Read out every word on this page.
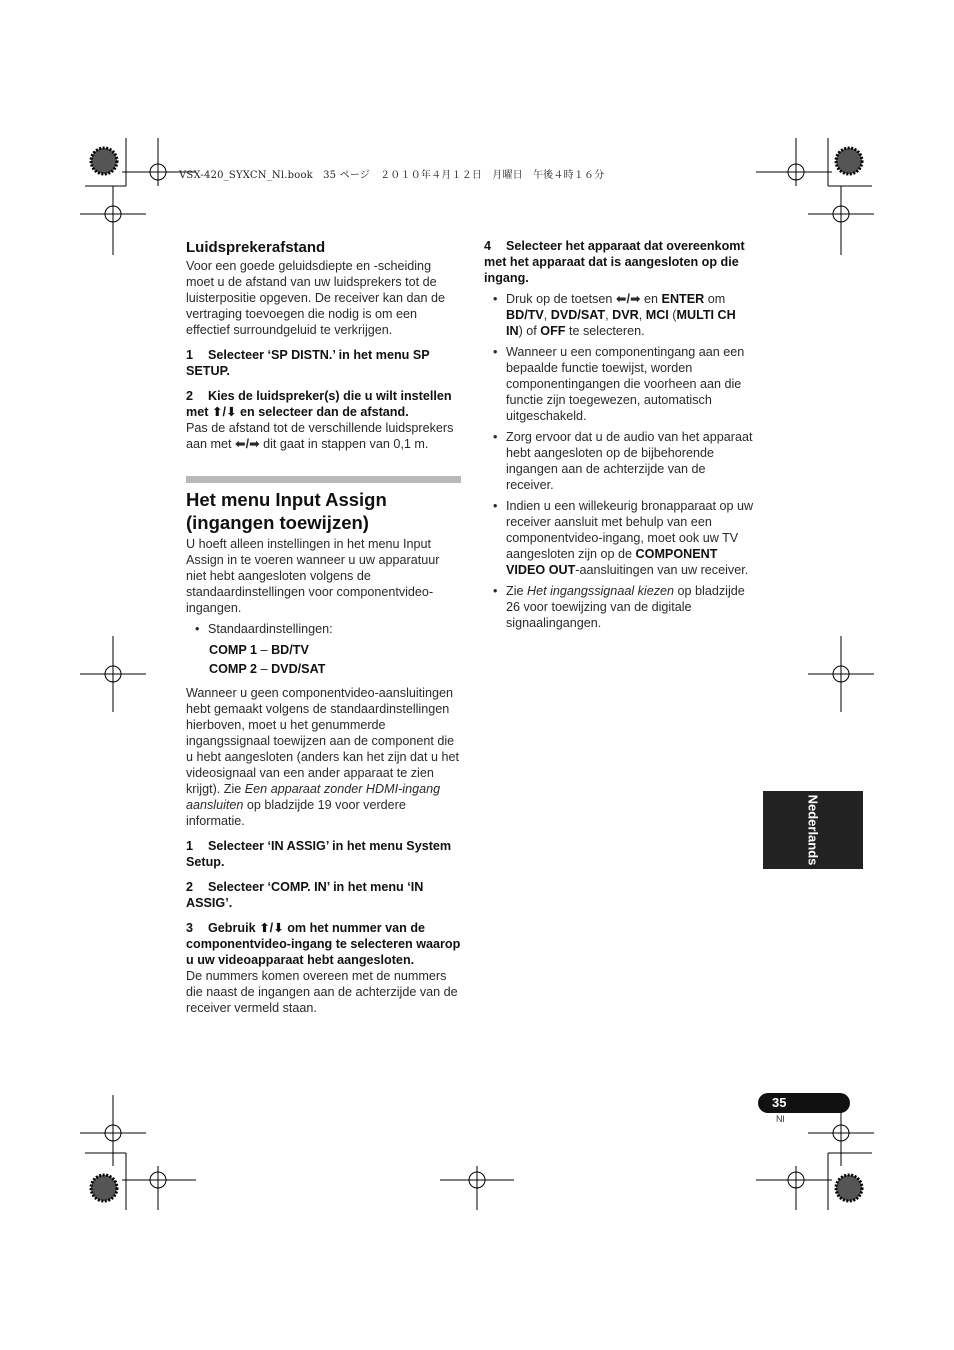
VSX-420_SYXCN_Nl.book   35 ページ   ２０１０年４月１２日   月曜日   午後４時１６分
Luidsprekerafstand

Voor een goede geluidsdiepte en -scheiding moet u de afstand van uw luidsprekers tot de luisterpositie opgeven. De receiver kan dan de vertraging toevoegen die nodig is om een effectief surroundgeluid te verkrijgen.

1 Selecteer ‘SP DISTN.’ in het menu SP SETUP.

2 Kies de luidspreker(s) die u wilt instellen met ⬆/⬇ en selecteer dan de afstand.

Pas de afstand tot de verschillende luidsprekers aan met ⬅/➡ dit gaat in stappen van 0,1 m.

Het menu Input Assign (ingangen toewijzen)

U hoeft alleen instellingen in het menu Input Assign in te voeren wanneer u uw apparatuur niet hebt aangesloten volgens de standaardinstellingen voor componentvideo-ingangen.

• Standaardinstellingen:

COMP 1 – BD/TV

COMP 2 – DVD/SAT

Wanneer u geen componentvideo-aansluitingen hebt gemaakt volgens de standaardinstellingen hierboven, moet u het genummerde ingangssignaal toewijzen aan de component die u hebt aangesloten (anders kan het zijn dat u het videosignaal van een ander apparaat te zien krijgt). Zie Een apparaat zonder HDMI-ingang aansluiten op bladzijde 19 voor verdere informatie.

1 Selecteer ‘IN ASSIG’ in het menu System Setup.

2 Selecteer ‘COMP. IN’ in het menu ‘IN ASSIG’.

3 Gebruik ⬆/⬇ om het nummer van de componentvideo-ingang te selecteren waarop u uw videoapparaat hebt aangesloten.

De nummers komen overeen met de nummers die naast de ingangen aan de achterzijde van de receiver vermeld staan.

4 Selecteer het apparaat dat overeenkomt met het apparaat dat is aangesloten op die ingang.

• Druk op de toetsen ⬅/➡ en ENTER om BD/TV, DVD/SAT, DVR, MCI (MULTI CH IN) of OFF te selecteren.
• Wanneer u een componentingang aan een bepaalde functie toewijst, worden componentingangen die voorheen aan die functie zijn toegewezen, automatisch uitgeschakeld.
• Zorg ervoor dat u de audio van het apparaat hebt aangesloten op de bijbehorende ingangen aan de achterzijde van de receiver.
• Indien u een willekeurig bronapparaat op uw receiver aansluit met behulp van een componentvideo-ingang, moet ook uw TV aangesloten zijn op de COMPONENT VIDEO OUT-aansluitingen van uw receiver.
• Zie Het ingangssignaal kiezen op bladzijde 26 voor toewijzing van de digitale signaalingangen.
Nederlands
35
Nl
